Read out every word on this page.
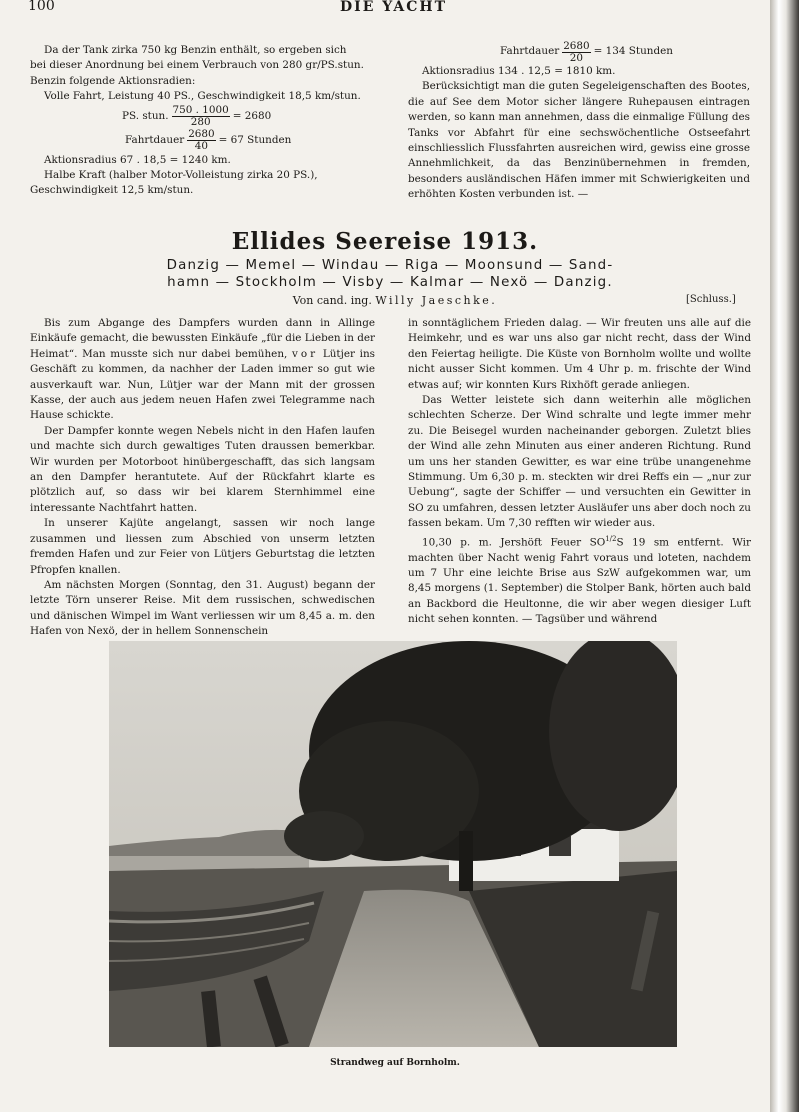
100	DIE YACHT

Da der Tank zirka 750 kg Benzin enthält, so ergeben sich

bei dieser Anordnung bei einem Verbrauch von 280 gr/PS.stun.

Benzin folgende Aktionsradien:

Volle Fahrt, Leistung 40 PS., Geschwindigkeit 18,5 km/stun.

PS. stun. $\frac{750 . 1000}{280} = 2680$
Fahrtdauer $\frac{2680}{40} = 67$ Stunden

Aktionsradius 67 . 18,5 = 1240 km.

Halbe Kraft (halber Motor-Volleistung zirka 20 PS.),

Geschwindigkeit 12,5 km/stun.

Fahrtdauer $\frac{2680}{20} = 134$ Stunden

Aktionsradius 134 . 12,5 = 1810 km.

Berücksichtigt man die guten Segeleigenschaften des Bootes, die auf See dem Motor sicher längere Ruhepausen eintragen werden, so kann man annehmen, dass die einmalige Füllung des Tanks vor Abfahrt für eine sechswöchentliche Ostseefahrt einschliesslich Flussfahrten ausreichen wird, gewiss eine grosse Annehmlichkeit, da das Benzinübernehmen in fremden, besonders ausländischen Häfen immer mit Schwierigkeiten und erhöhten Kosten verbunden ist. —

Ellides Seereise 1913.
Danzig — Memel — Windau — Riga — Moonsund — Sand-
hamn — Stockholm — Visby — Kalmar — Nexö — Danzig.
Von cand. ing. Willy Jaeschke.	[Schluss.]

Bis zum Abgange des Dampfers wurden dann in Allinge Einkäufe gemacht, die bewussten Einkäufe „für die Lieben in der Heimat“. Man musste sich nur dabei bemühen, vor Lütjer ins Geschäft zu kommen, da nachher der Laden immer so gut wie ausverkauft war. Nun, Lütjer war der Mann mit der grossen Kasse, der auch aus jedem neuen Hafen zwei Telegramme nach Hause schickte.

Der Dampfer konnte wegen Nebels nicht in den Hafen laufen und machte sich durch gewaltiges Tuten draussen bemerkbar. Wir wurden per Motorboot hinübergeschafft, das sich langsam an den Dampfer herantutete. Auf der Rückfahrt klarte es plötzlich auf, so dass wir bei klarem Sternhimmel eine interessante Nachtfahrt hatten.

In unserer Kajüte angelangt, sassen wir noch lange zusammen und liessen zum Abschied von unserm letzten fremden Hafen und zur Feier von Lütjers Geburtstag die letzten Pfropfen knallen.

Am nächsten Morgen (Sonntag, den 31. August) begann der letzte Törn unserer Reise. Mit dem russischen, schwedischen und dänischen Wimpel im Want verliessen wir um 8,45 a. m. den Hafen von Nexö, der in hellem Sonnenschein

in sonntäglichem Frieden dalag. — Wir freuten uns alle auf die Heimkehr, und es war uns also gar nicht recht, dass der Wind den Feiertag heiligte. Die Küste von Bornholm wollte und wollte nicht ausser Sicht kommen. Um 4 Uhr p. m. frischte der Wind etwas auf; wir konnten Kurs Rixhöft gerade anliegen.

Das Wetter leistete sich dann weiterhin alle möglichen schlechten Scherze. Der Wind schralte und legte immer mehr zu. Die Beisegel wurden nacheinander geborgen. Zuletzt blies der Wind alle zehn Minuten aus einer anderen Richtung. Rund um uns her standen Gewitter, es war eine trübe unangenehme Stimmung. Um 6,30 p. m. steckten wir drei Reffs ein — „nur zur Uebung“, sagte der Schiffer — und versuchten ein Gewitter in SO zu umfahren, dessen letzter Ausläufer uns aber doch noch zu fassen bekam. Um 7,30 refften wir wieder aus.

10,30 p. m. Jershöft Feuer $SO^{1/2}S$ 19 sm entfernt. Wir machten über Nacht wenig Fahrt voraus und loteten, nachdem um 7 Uhr eine leichte Brise aus SzW aufgekommen war, um 8,45 morgens (1. September) die Stolper Bank, hörten auch bald an Backbord die Heultonne, die wir aber wegen diesiger Luft nicht sehen konnten. — Tagsüber und während

Strandweg auf Bornholm.
